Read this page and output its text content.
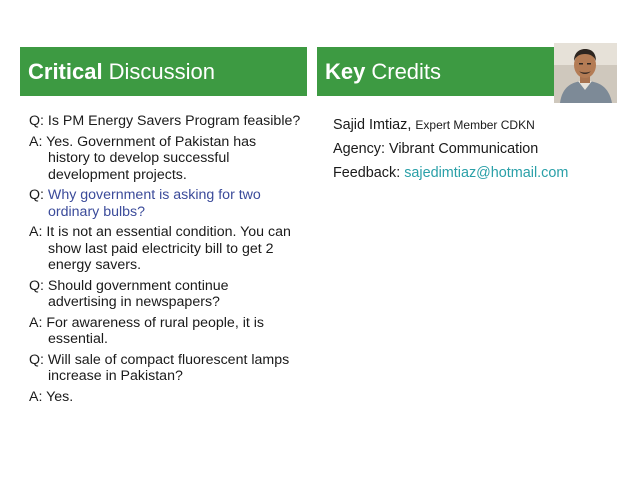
Critical Discussion	Key Credits
Q: Is PM Energy Savers Program feasible?
A: Yes. Government of Pakistan has history to develop successful development projects.
Q: Why government is asking for two ordinary bulbs?
A: It is not an essential condition. You can show last paid electricity bill to get 2 energy savers.
Q: Should government continue advertising in newspapers?
A: For awareness of rural people, it is essential.
Q: Will sale of compact fluorescent lamps increase in Pakistan?
A: Yes.
Sajid Imtiaz, Expert Member CDKN
Agency: Vibrant Communication
Feedback: sajedimtiaz@hotmail.com
